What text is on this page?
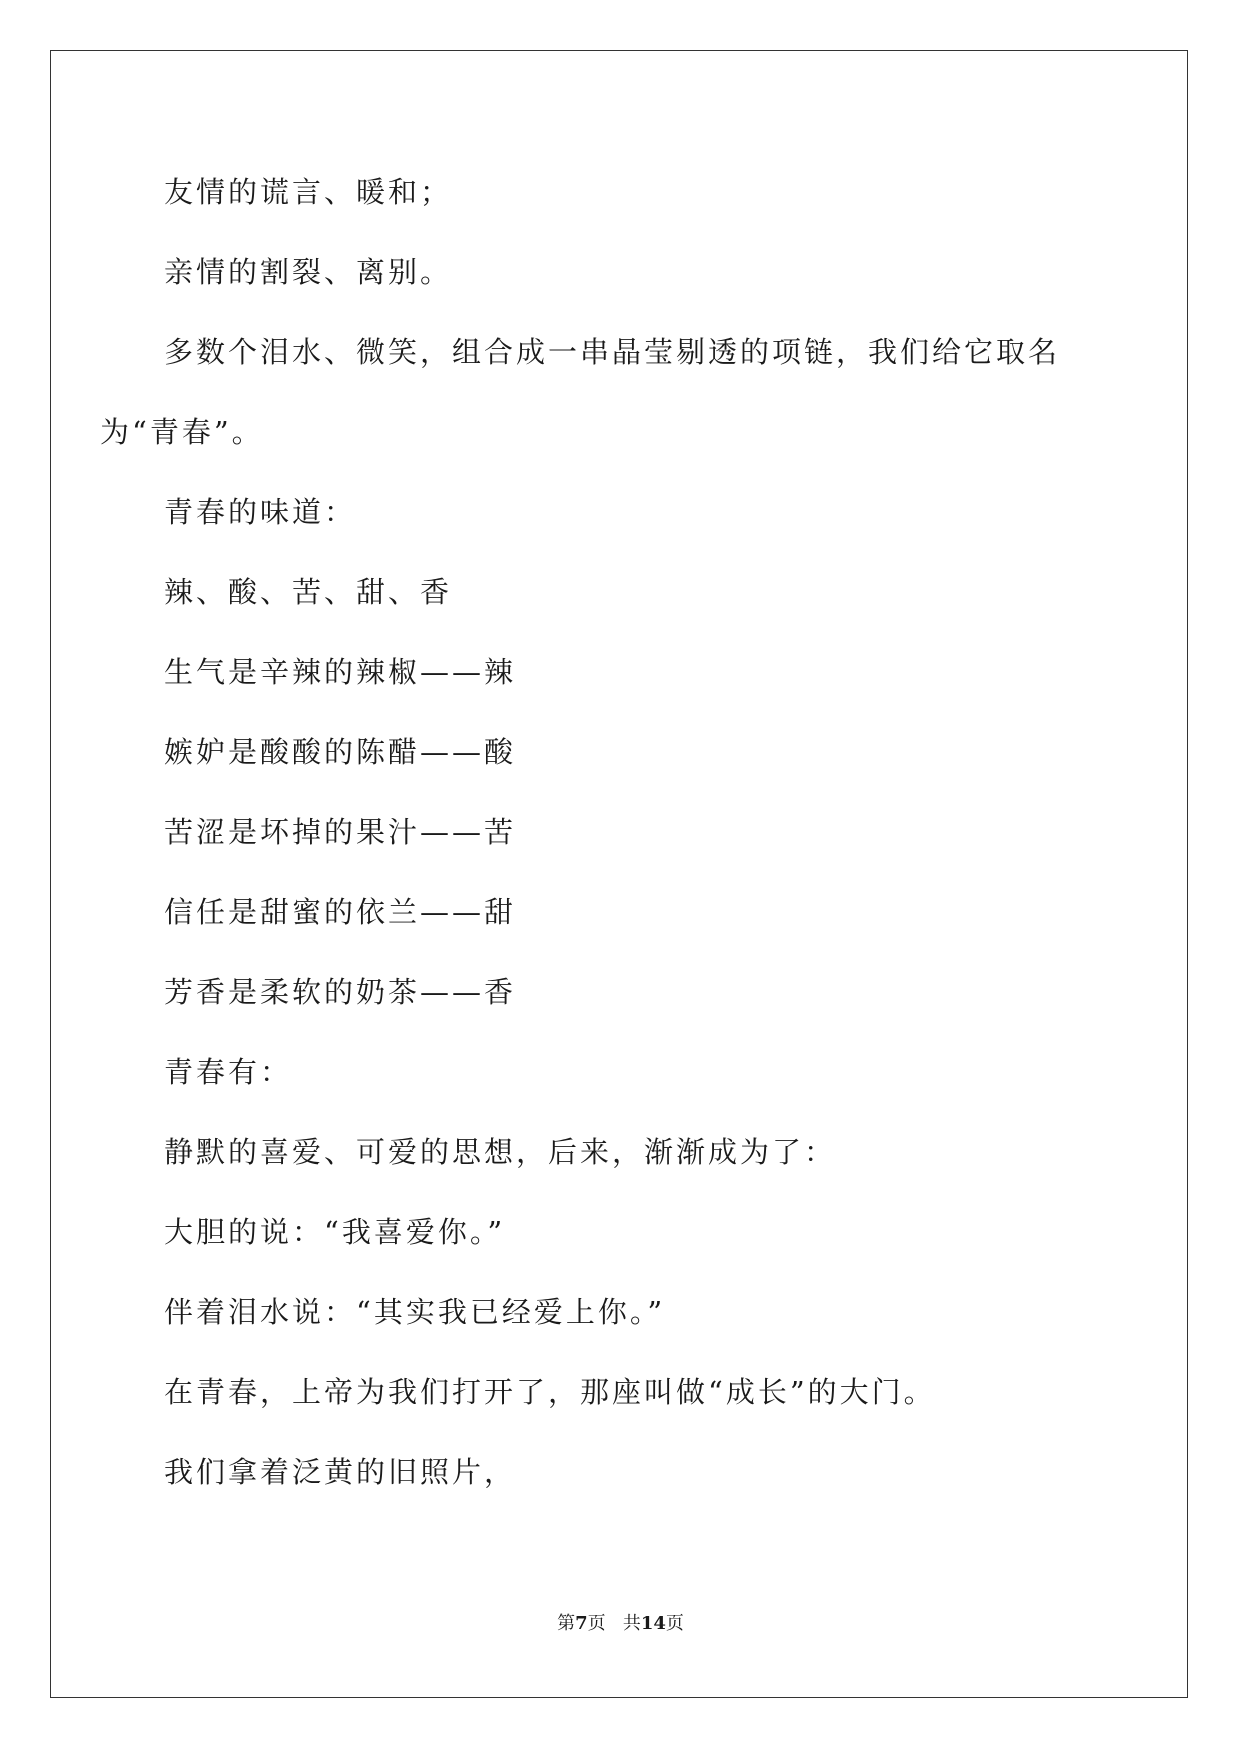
友情的谎言、暖和；
亲情的割裂、离别。
多数个泪水、微笑，组合成一串晶莹剔透的项链，我们给它取名
为“青春”。
青春的味道：
辣、酸、苦、甜、香
生气是辛辣的辣椒——辣
嫉妒是酸酸的陈醋——酸
苦涩是坏掉的果汁——苦
信任是甜蜜的依兰——甜
芳香是柔软的奶茶——香
青春有：
静默的喜爱、可爱的思想，后来，渐渐成为了：
大胆的说：“我喜爱你。”
伴着泪水说：“其实我已经爱上你。”
在青春，上帝为我们打开了，那座叫做“成长”的大门。
我们拿着泛黄的旧照片，
第7页 共14页
